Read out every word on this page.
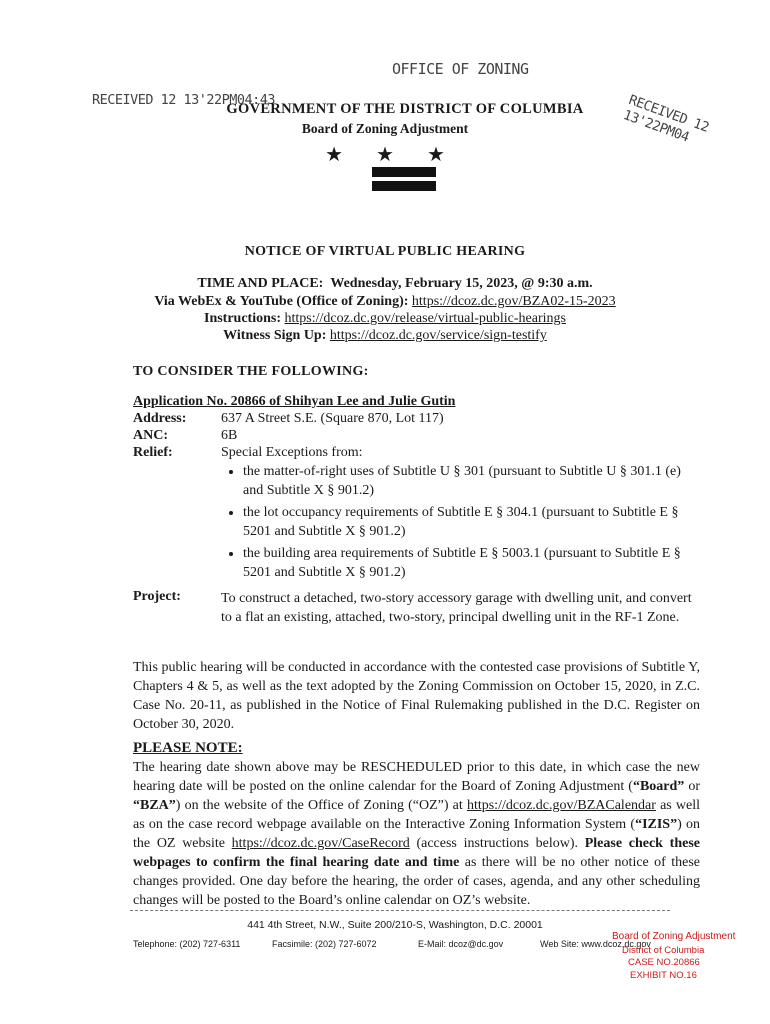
OFFICE OF ZONING
RECEIVED 12 13'22PM04:43	RECEIVED 12 13'22PM04
GOVERNMENT OF THE DISTRICT OF COLUMBIA
Board of Zoning Adjustment
★ ★ ★
NOTICE OF VIRTUAL PUBLIC HEARING
TIME AND PLACE: Wednesday, February 15, 2023, @ 9:30 a.m.
Via WebEx & YouTube (Office of Zoning): https://dcoz.dc.gov/BZA02-15-2023
Instructions: https://dcoz.dc.gov/release/virtual-public-hearings
Witness Sign Up: https://dcoz.dc.gov/service/sign-testify
TO CONSIDER THE FOLLOWING:
Application No. 20866 of Shihyan Lee and Julie Gutin
Address: 637 A Street S.E. (Square 870, Lot 117)
ANC:	6B
Relief:	Special Exceptions from:
• the matter-of-right uses of Subtitle U § 301 (pursuant to Subtitle U § 301.1 (e) and Subtitle X § 901.2)
• the lot occupancy requirements of Subtitle E § 304.1 (pursuant to Subtitle E § 5201 and Subtitle X § 901.2)
• the building area requirements of Subtitle E § 5003.1 (pursuant to Subtitle E § 5201 and Subtitle X § 901.2)
Project:	To construct a detached, two-story accessory garage with dwelling unit, and convert to a flat an existing, attached, two-story, principal dwelling unit in the RF-1 Zone.
This public hearing will be conducted in accordance with the contested case provisions of Subtitle Y, Chapters 4 & 5, as well as the text adopted by the Zoning Commission on October 15, 2020, in Z.C. Case No. 20-11, as published in the Notice of Final Rulemaking published in the D.C. Register on October 30, 2020.
PLEASE NOTE:
The hearing date shown above may be RESCHEDULED prior to this date, in which case the new hearing date will be posted on the online calendar for the Board of Zoning Adjustment (“Board” or “BZA”) on the website of the Office of Zoning (“OZ”) at https://dcoz.dc.gov/BZACalendar as well as on the case record webpage available on the Interactive Zoning Information System (“IZIS”) on the OZ website https://dcoz.dc.gov/CaseRecord (access instructions below). Please check these webpages to confirm the final hearing date and time as there will be no other notice of these changes provided. One day before the hearing, the order of cases, agenda, and any other scheduling changes will be posted to the Board’s online calendar on OZ’s website.
441 4th Street, N.W., Suite 200/210-S, Washington, D.C. 20001
Telephone: (202) 727-6311	Facsimile: (202) 727-6072	E-Mail: dcoz@dc.gov	Web Site: www.dcoz.dc.gov
Board of Zoning Adjustment
District of Columbia
CASE NO.20866
EXHIBIT NO.16
